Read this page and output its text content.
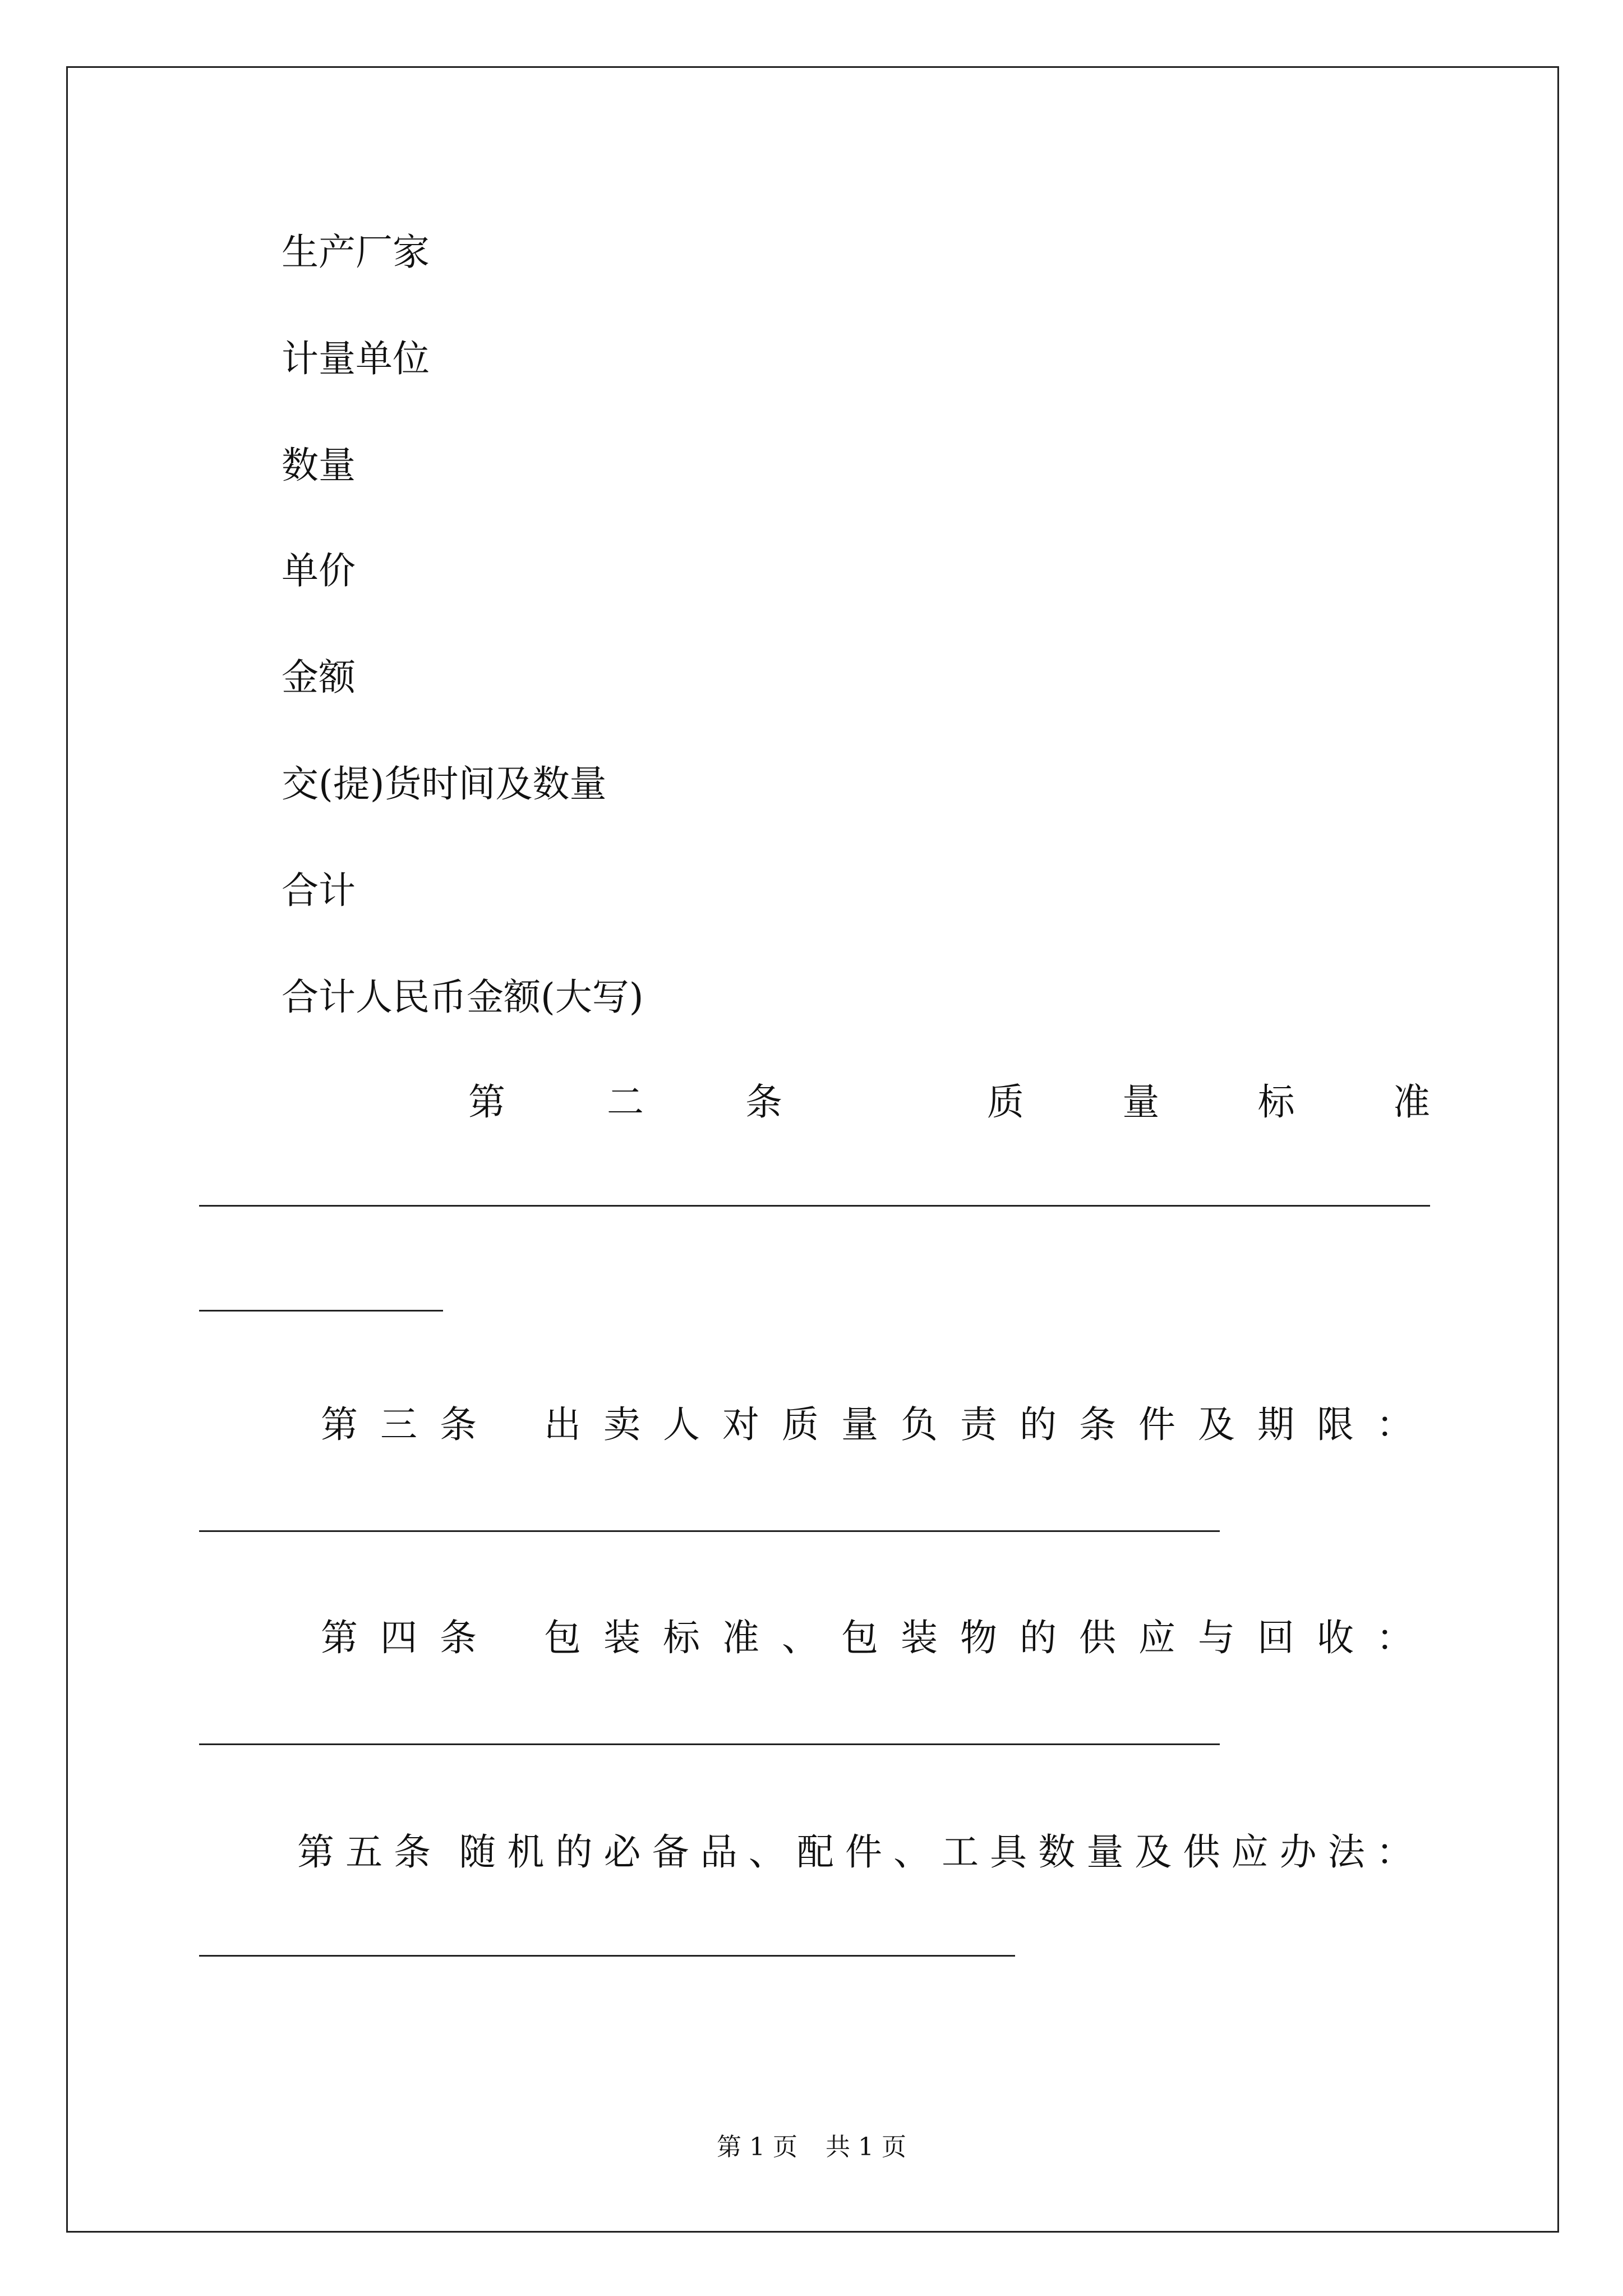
生产厂家
计量单位
数量
单价
金额
交(提)货时间及数量
合计
合计人民币金额(大写)
第	二	条	质	量	标	准
第 三 条 出 卖 人 对 质 量 负 责 的 条 件 及 期 限 ：
第 四 条 包 装 标 准 、 包 装 物 的 供 应 与 回 收 ：
第 五 条 随 机 的 必 备 品 、 配 件 、 工 具 数 量 及 供 应 办 法 ：
第 1 页 共 1 页
